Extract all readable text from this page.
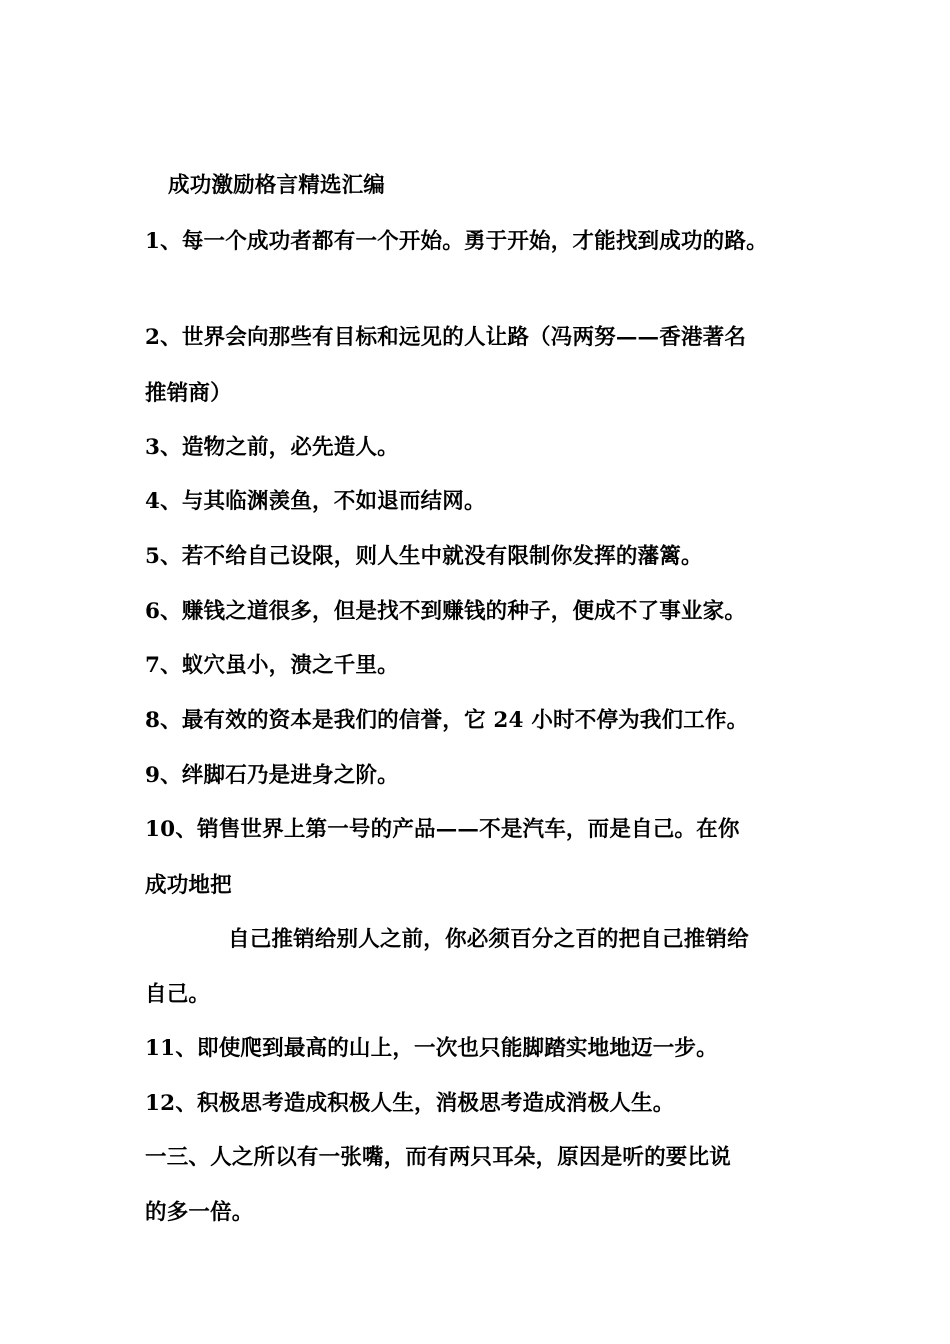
成功激励格言精选汇编
1、每一个成功者都有一个开始。勇于开始，才能找到成功的路。
2、世界会向那些有目标和远见的人让路（冯两努——香港著名
推销商）
3、造物之前，必先造人。
4、与其临渊羡鱼，不如退而结网。
5、若不给自己设限，则人生中就没有限制你发挥的藩篱。
6、赚钱之道很多，但是找不到赚钱的种子，便成不了事业家。
7、蚁穴虽小，溃之千里。
8、最有效的资本是我们的信誉，它 24 小时不停为我们工作。
9、绊脚石乃是进身之阶。
10、销售世界上第一号的产品——不是汽车，而是自己。在你
成功地把
自己推销给别人之前，你必须百分之百的把自己推销给
自己。
11、即使爬到最高的山上，一次也只能脚踏实地地迈一步。
12、积极思考造成积极人生，消极思考造成消极人生。
一三、人之所以有一张嘴，而有两只耳朵，原因是听的要比说
的多一倍。
